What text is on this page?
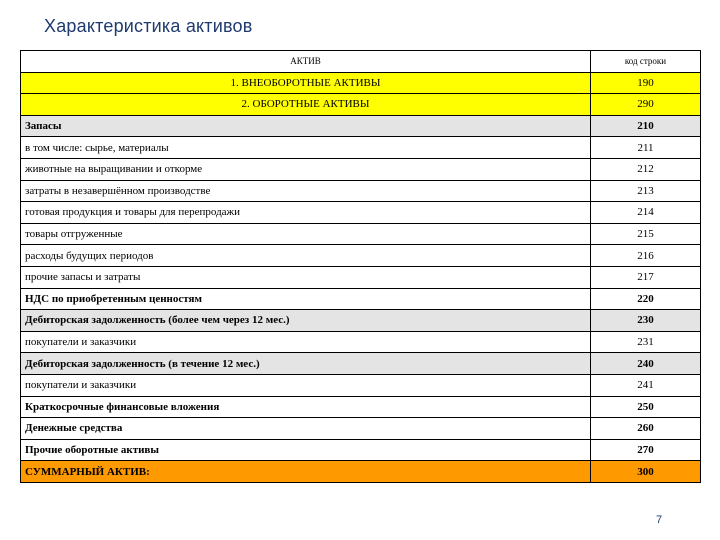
Характеристика активов
АКТИВ	код строки
1. ВНЕОБОРОТНЫЕ АКТИВЫ	190
2. ОБОРОТНЫЕ АКТИВЫ	290
Запасы	210
в том числе: сырье, материалы	211
животные на выращивании и откорме	212
затраты в незавершённом производстве	213
готовая продукция и товары для перепродажи	214
товары отгруженные	215
расходы будущих периодов	216
прочие запасы и затраты	217
НДС по приобретенным ценностям	220
Дебиторская задолженность (более чем через 12 мес.)	230
покупатели и заказчики	231
Дебиторская задолженность (в течение 12 мес.)	240
покупатели и заказчики	241
Краткосрочные финансовые вложения	250
Денежные средства	260
Прочие оборотные активы	270
СУММАРНЫЙ АКТИВ:	300
7
